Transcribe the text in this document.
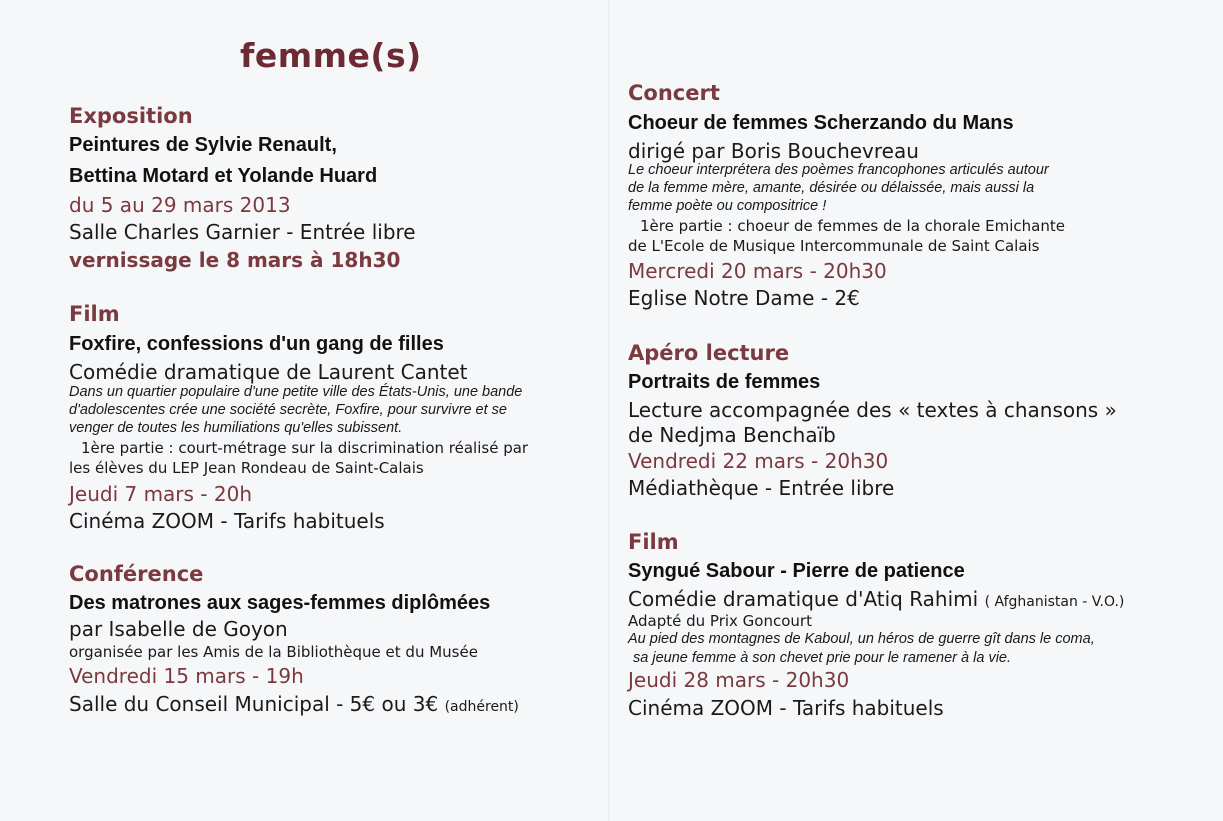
femme(s)
Exposition
Peintures de Sylvie Renault,
Bettina Motard et Yolande Huard
du 5 au 29 mars 2013
Salle Charles Garnier - Entrée libre
vernissage le 8 mars à 18h30
Film
Foxfire, confessions d'un gang de filles
Comédie dramatique de Laurent Cantet
Dans un quartier populaire d'une petite ville des États-Unis, une bande
d'adolescentes crée une société secrète, Foxfire, pour survivre et se
venger de toutes les humiliations qu'elles subissent.
1ère partie : court-métrage sur la discrimination réalisé par
les élèves du LEP Jean Rondeau de Saint-Calais
Jeudi 7 mars - 20h
Cinéma ZOOM - Tarifs habituels
Conférence
Des matrones aux sages-femmes diplômées
par Isabelle de Goyon
organisée par les Amis de la Bibliothèque et du Musée
Vendredi 15 mars - 19h
Salle du Conseil Municipal - 5€ ou 3€ (adhérent)
Concert
Choeur de femmes Scherzando du Mans
dirigé par Boris Bouchevreau
Le choeur interprétera des poèmes francophones articulés autour
de la femme mère, amante, désirée ou délaissée, mais aussi la
femme poète ou compositrice !
1ère partie : choeur de femmes de la chorale Emichante
de L'Ecole de Musique Intercommunale de Saint Calais
Mercredi 20 mars - 20h30
Eglise Notre Dame - 2€
Apéro lecture
Portraits de femmes
Lecture accompagnée des « textes à chansons »
de Nedjma Benchaïb
Vendredi 22 mars - 20h30
Médiathèque - Entrée libre
Film
Syngué Sabour - Pierre de patience
Comédie dramatique d'Atiq Rahimi ( Afghanistan - V.O.)
Adapté du Prix Goncourt
Au pied des montagnes de Kaboul, un héros de guerre gît dans le coma,
sa jeune femme à son chevet prie pour le ramener à la vie.
Jeudi 28 mars - 20h30
Cinéma ZOOM - Tarifs habituels
